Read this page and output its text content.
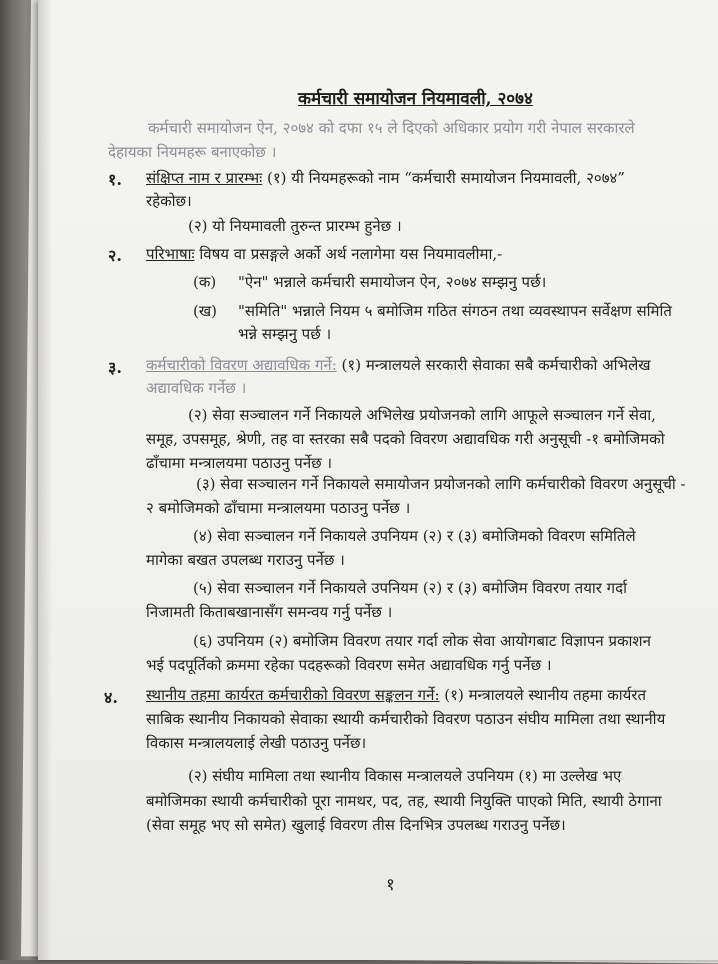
कर्मचारी समायोजन नियमावली, २०७४
कर्मचारी समायोजन ऐन, २०७४ को दफा १५ ले दिएको अधिकार प्रयोग गरी नेपाल सरकारले
देहायका नियमहरू बनाएकोछ ।
१. संक्षिप्त नाम र प्रारम्भः (१) यी नियमहरूको नाम “कर्मचारी समायोजन नियमावली, २०७४”
रहेकोछ।
(२) यो नियमावली तुरुन्त प्रारम्भ हुनेछ ।
२. परिभाषाः विषय वा प्रसङ्गले अर्को अर्थ नलागेमा यस नियमावलीमा,-
(क) "ऐन" भन्नाले कर्मचारी समायोजन ऐन, २०७४ सम्झनु पर्छ।
(ख) "समिति" भन्नाले नियम ५ बमोजिम गठित संगठन तथा व्यवस्थापन सर्वेक्षण समिति
भन्ने सम्झनु पर्छ ।
३. कर्मचारीको विवरण अद्यावधिक गर्ने: (१) मन्त्रालयले सरकारी सेवाका सबै कर्मचारीको अभिलेख
अद्यावधिक गर्नेछ ।
(२) सेवा सञ्चालन गर्ने निकायले अभिलेख प्रयोजनको लागि आफूले सञ्चालन गर्ने सेवा,
समूह, उपसमूह, श्रेणी, तह वा स्तरका सबै पदको विवरण अद्यावधिक गरी अनुसूची -१ बमोजिमको
ढाँचामा मन्त्रालयमा पठाउनु पर्नेछ ।
(३) सेवा सञ्चालन गर्ने निकायले समायोजन प्रयोजनको लागि कर्मचारीको विवरण अनुसूची -
२ बमोजिमको ढाँचामा मन्त्रालयमा पठाउनु पर्नेछ ।
(४) सेवा सञ्चालन गर्ने निकायले उपनियम (२) र (३) बमोजिमको विवरण समितिले
मागेका बखत उपलब्ध गराउनु पर्नेछ ।
(५) सेवा सञ्चालन गर्ने निकायले उपनियम (२) र (३) बमोजिम विवरण तयार गर्दा
निजामती किताबखानासँग समन्वय गर्नु पर्नेछ ।
(६) उपनियम (२) बमोजिम विवरण तयार गर्दा लोक सेवा आयोगबाट विज्ञापन प्रकाशन
भई पदपूर्तिको क्रममा रहेका पदहरूको विवरण समेत अद्यावधिक गर्नु पर्नेछ ।
४. स्थानीय तहमा कार्यरत कर्मचारीको विवरण सङ्कलन गर्ने: (१) मन्त्रालयले स्थानीय तहमा कार्यरत
साबिक स्थानीय निकायको सेवाका स्थायी कर्मचारीको विवरण पठाउन संघीय मामिला तथा स्थानीय
विकास मन्त्रालयलाई लेखी पठाउनु पर्नेछ।
(२) संघीय मामिला तथा स्थानीय विकास मन्त्रालयले उपनियम (१) मा उल्लेख भए
बमोजिमका स्थायी कर्मचारीको पूरा नामथर, पद, तह, स्थायी नियुक्ति पाएको मिति, स्थायी ठेगाना
(सेवा समूह भए सो समेत) खुलाई विवरण तीस दिनभित्र उपलब्ध गराउनु पर्नेछ।
१
